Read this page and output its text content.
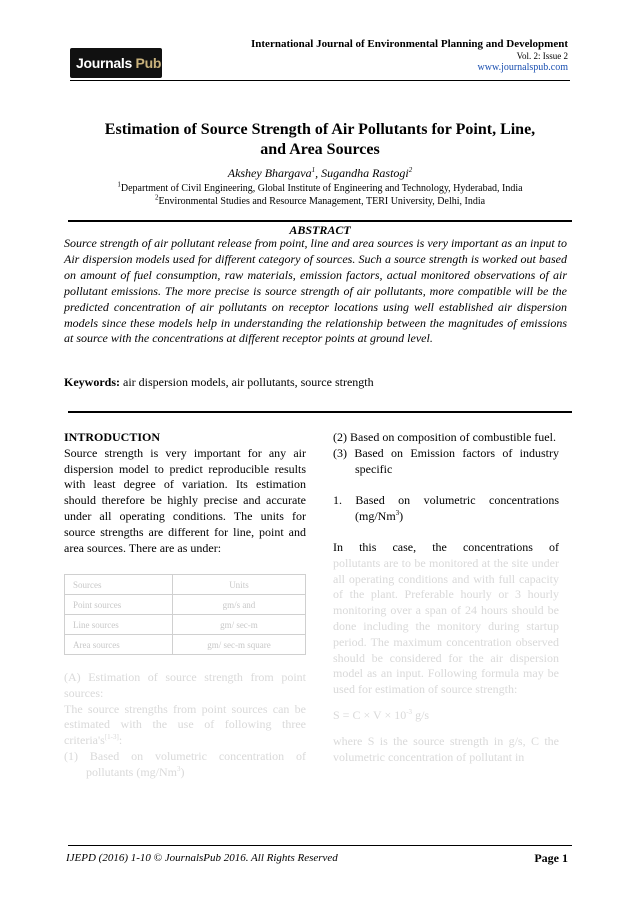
Journals Pub
International Journal of Environmental Planning and Development
Vol. 2: Issue 2
www.journalspub.com
Estimation of Source Strength of Air Pollutants for Point, Line,
and Area Sources
Akshey Bhargava$^1$, Sugandha Rastogi$^2$
$^1$Department of Civil Engineering, Global Institute of Engineering and Technology, Hyderabad, India
$^2$Environmental Studies and Resource Management, TERI University, Delhi, India
ABSTRACT
Source strength of air pollutant release from point, line and area sources is very important as an input to Air dispersion models used for different category of sources. Such a source strength is worked out based on amount of fuel consumption, raw materials, emission factors, actual monitored observations of air pollutant emissions. The more precise is source strength of air pollutants, more compatible will be the predicted concentration of air pollutants on receptor locations using well established air dispersion models since these models help in understanding the relationship between the magnitudes of emissions at source with the concentrations at different receptor points at ground level.
Keywords: air dispersion models, air pollutants, source strength
INTRODUCTION
Source strength is very important for any air dispersion model to predict reproducible results with least degree of variation. Its estimation should therefore be highly precise and accurate under all operating conditions. The units for source strengths are different for line, point and area sources. There are as under:
Sources	Units
Point sources	gm/s and
Line sources	gm/ sec-m
Area sources	gm/ sec-m square
(A) Estimation of source strength from point sources:
The source strengths from point sources can be estimated with the use of following three criteria's[1-3]:
(1) Based on volumetric concentration of pollutants (mg/Nm$^3$)
(2) Based on composition of combustible fuel.
(3) Based on Emission factors of industry specific
1. Based on volumetric concentrations (mg/Nm$^3$)
In this case, the concentrations of
pollutants are to be monitored at the site under all operating conditions and with full capacity of the plant. Preferable hourly or 3 hourly monitoring over a span of 24 hours should be done including the monitory during startup period. The maximum concentration observed should be considered for the air dispersion model as an input. Following formula may be used for estimation of source strength:
$S = C \times V \times 10^{-3}$ g/s
where S is the source strength in g/s, C the volumetric concentration of pollutant in
IJEPD (2016) 1-10 © JournalsPub 2016. All Rights Reserved	Page 1
